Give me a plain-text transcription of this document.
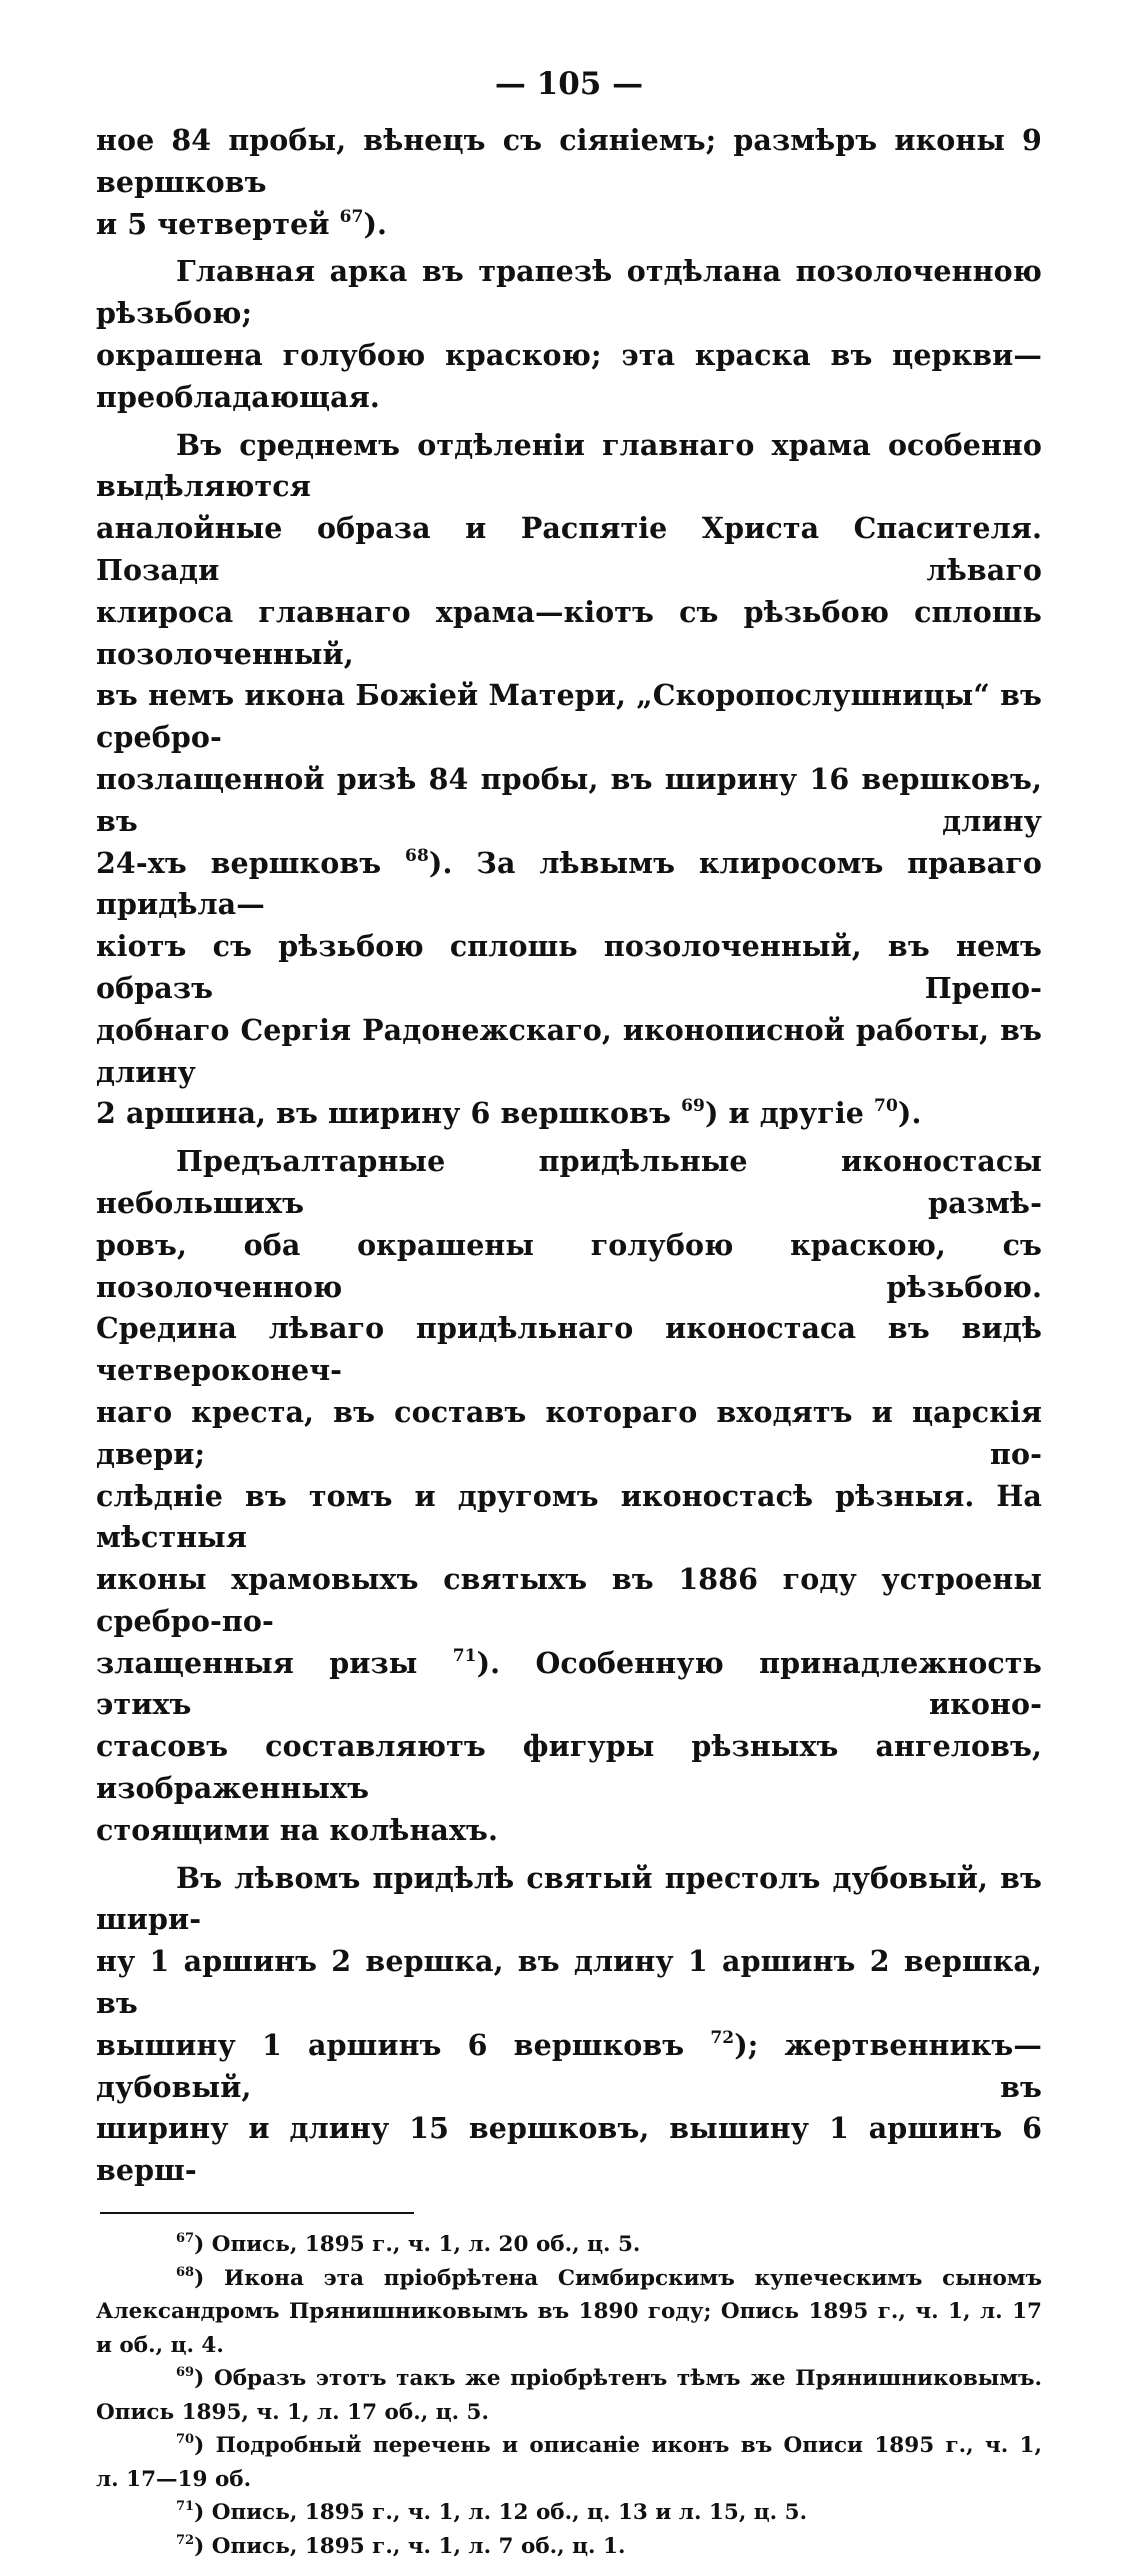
— 105 —

ное 84 пробы, вѣнецъ съ сіяніемъ; размѣръ иконы 9 вершковъ
и 5 четвертей $^{67}$).

Главная арка въ трапезѣ отдѣлана позолоченною рѣзьбою;
окрашена голубою краскою; эта краска въ церкви—преобладающая.

Въ среднемъ отдѣленіи главнаго храма особенно выдѣляются
аналойные образа и Распятіе Христа Спасителя. Позади лѣваго
клироса главнаго храма—кіотъ съ рѣзьбою сплошь позолоченный,
въ немъ икона Божіей Матери, „Скоропослушницы“ въ сребро-
позлащенной ризѣ 84 пробы, въ ширину 16 вершковъ, въ длину
24-хъ вершковъ $^{68}$). За лѣвымъ клиросомъ праваго придѣла—
кіотъ съ рѣзьбою сплошь позолоченный, въ немъ образъ Препо-
добнаго Сергія Радонежскаго, иконописной работы, въ длину
2 аршина, въ ширину 6 вершковъ $^{69}$) и другіе $^{70}$).

Предъалтарные придѣльные иконостасы небольшихъ размѣ-
ровъ, оба окрашены голубою краскою, съ позолоченною рѣзьбою.
Средина лѣваго придѣльнаго иконостаса въ видѣ четвероконеч-
наго креста, въ составъ котораго входятъ и царскія двери; по-
слѣдніе въ томъ и другомъ иконостасѣ рѣзныя. На мѣстныя
иконы храмовыхъ святыхъ въ 1886 году устроены сребро-по-
злащенныя ризы $^{71}$). Особенную принадлежность этихъ иконо-
стасовъ составляютъ фигуры рѣзныхъ ангеловъ, изображенныхъ
стоящими на колѣнахъ.

Въ лѣвомъ придѣлѣ святый престолъ дубовый, въ шири-
ну 1 аршинъ 2 вершка, въ длину 1 аршинъ 2 вершка, въ
вышину 1 аршинъ 6 вершковъ $^{72}$); жертвенникъ—дубовый, въ
ширину и длину 15 вершковъ, вышину 1 аршинъ 6 верш-

$^{67}$) Опись, 1895 г., ч. 1, л. 20 об., ц. 5.

$^{68}$) Икона эта пріобрѣтена Симбирскимъ купеческимъ сыномъ
Александромъ Прянишниковымъ въ 1890 году; Опись 1895 г., ч. 1, л. 17
и об., ц. 4.

$^{69}$) Образъ этотъ такъ же пріобрѣтенъ тѣмъ же Прянишниковымъ.
Опись 1895, ч. 1, л. 17 об., ц. 5.

$^{70}$) Подробный перечень и описаніе иконъ въ Описи 1895 г., ч. 1,
л. 17—19 об.

$^{71}$) Опись, 1895 г., ч. 1, л. 12 об., ц. 13 и л. 15, ц. 5.

$^{72}$) Опись, 1895 г., ч. 1, л. 7 об., ц. 1.
